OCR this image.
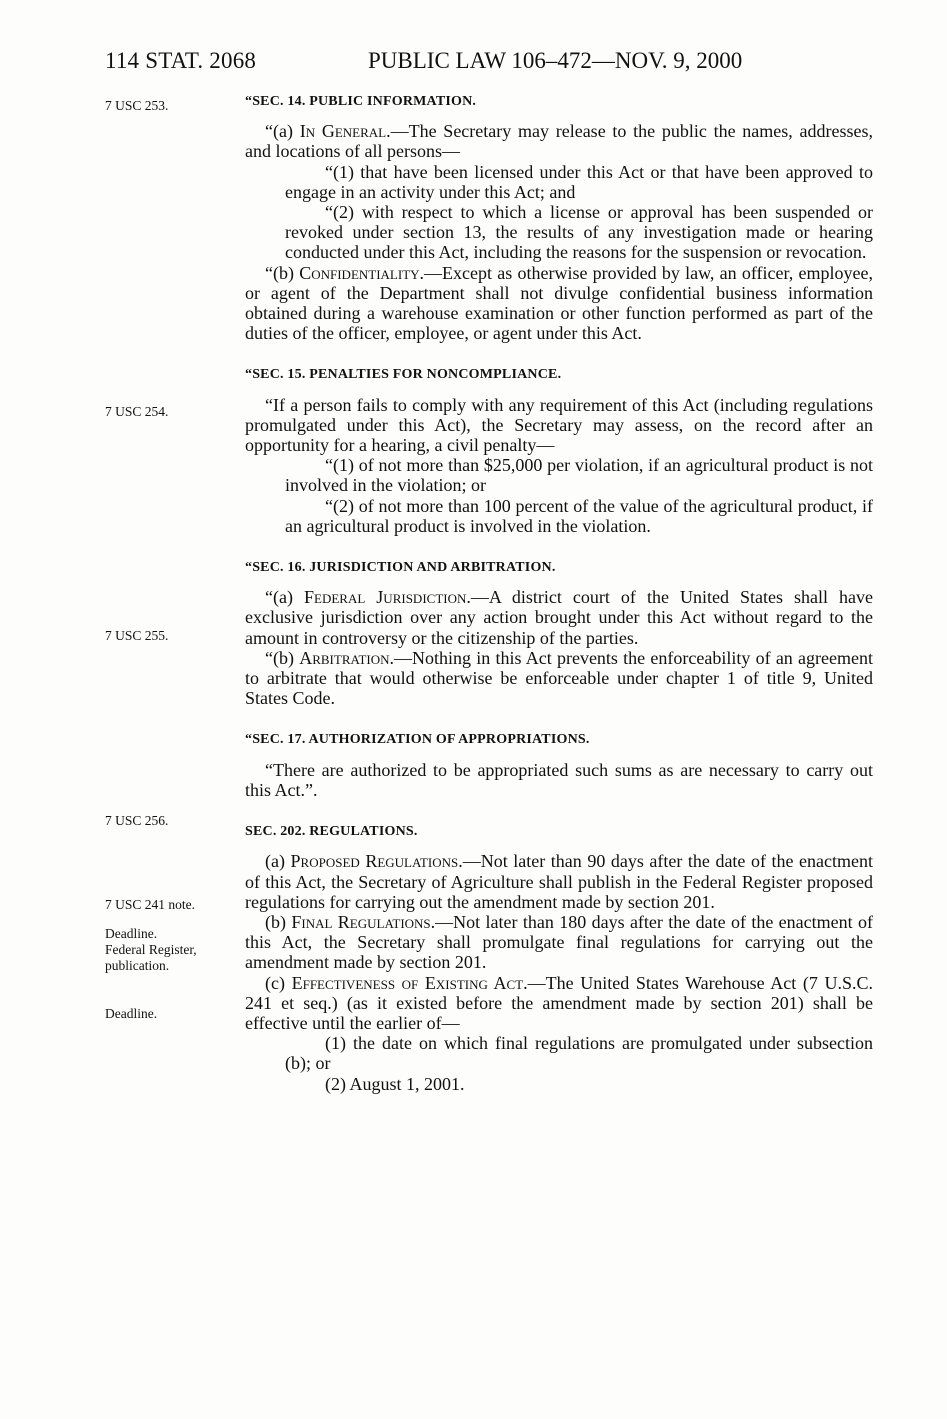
114 STAT. 2068	PUBLIC LAW 106–472—NOV. 9, 2000
7 USC 253.
7 USC 254.
7 USC 255.
7 USC 256.
7 USC 241 note.
Deadline.
Federal Register,
publication.
Deadline.
“SEC. 14. PUBLIC INFORMATION.

“(a) In General.—The Secretary may release to the public the names, addresses, and locations of all persons—

“(1) that have been licensed under this Act or that have been approved to engage in an activity under this Act; and

“(2) with respect to which a license or approval has been suspended or revoked under section 13, the results of any investigation made or hearing conducted under this Act, including the reasons for the suspension or revocation.

“(b) Confidentiality.—Except as otherwise provided by law, an officer, employee, or agent of the Department shall not divulge confidential business information obtained during a warehouse examination or other function performed as part of the duties of the officer, employee, or agent under this Act.

“SEC. 15. PENALTIES FOR NONCOMPLIANCE.

“If a person fails to comply with any requirement of this Act (including regulations promulgated under this Act), the Secretary may assess, on the record after an opportunity for a hearing, a civil penalty—

“(1) of not more than $25,000 per violation, if an agricultural product is not involved in the violation; or

“(2) of not more than 100 percent of the value of the agricultural product, if an agricultural product is involved in the violation.

“SEC. 16. JURISDICTION AND ARBITRATION.

“(a) Federal Jurisdiction.—A district court of the United States shall have exclusive jurisdiction over any action brought under this Act without regard to the amount in controversy or the citizenship of the parties.

“(b) Arbitration.—Nothing in this Act prevents the enforceability of an agreement to arbitrate that would otherwise be enforceable under chapter 1 of title 9, United States Code.

“SEC. 17. AUTHORIZATION OF APPROPRIATIONS.

“There are authorized to be appropriated such sums as are necessary to carry out this Act.”.

SEC. 202. REGULATIONS.

(a) Proposed Regulations.—Not later than 90 days after the date of the enactment of this Act, the Secretary of Agriculture shall publish in the Federal Register proposed regulations for carrying out the amendment made by section 201.

(b) Final Regulations.—Not later than 180 days after the date of the enactment of this Act, the Secretary shall promulgate final regulations for carrying out the amendment made by section 201.

(c) Effectiveness of Existing Act.—The United States Warehouse Act (7 U.S.C. 241 et seq.) (as it existed before the amendment made by section 201) shall be effective until the earlier of—

(1) the date on which final regulations are promulgated under subsection (b); or

(2) August 1, 2001.
